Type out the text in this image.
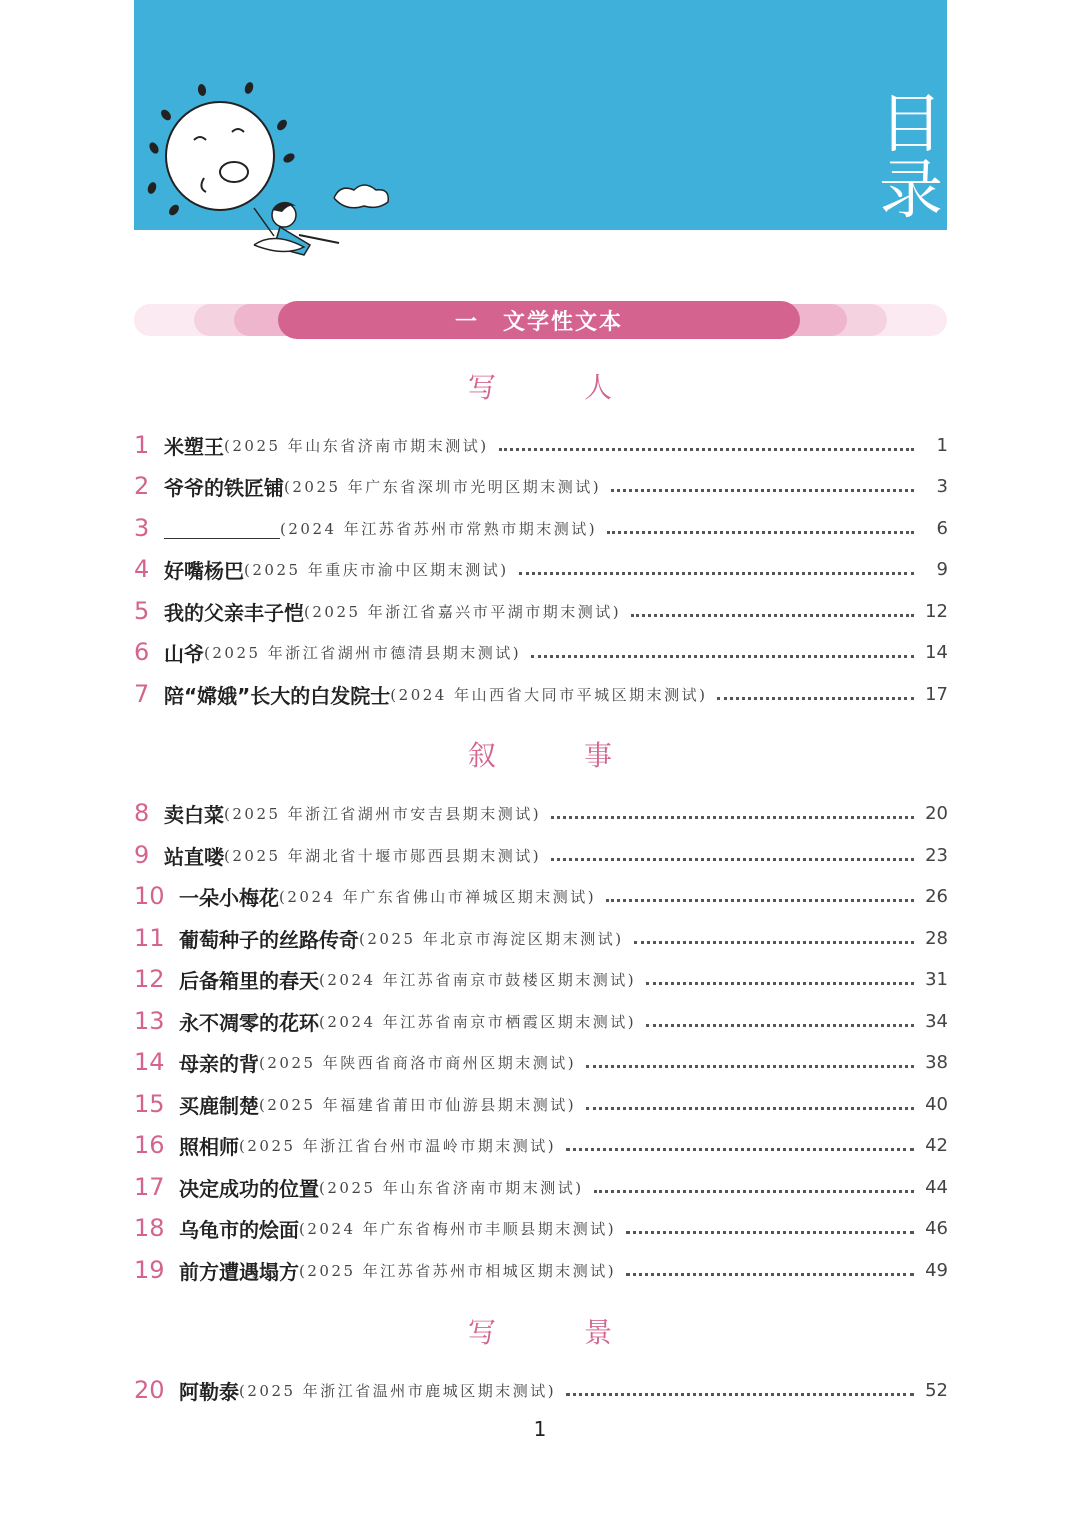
目
录
一　文学性文本
写　人
叙　事
写　景
1 米塑王 (2025 年山东省济南市期末测试)	1
2 爷爷的铁匠铺 (2025 年广东省深圳市光明区期末测试)	3
3	(2024 年江苏省苏州市常熟市期末测试)	6
4 好嘴杨巴 (2025 年重庆市渝中区期末测试)	9
5 我的父亲丰子恺 (2025 年浙江省嘉兴市平湖市期末测试)	12
6 山爷 (2025 年浙江省湖州市德清县期末测试)	14
7 陪“嫦娥”长大的白发院士 (2024 年山西省大同市平城区期末测试)	17
8 卖白菜 (2025 年浙江省湖州市安吉县期末测试)	20
9 站直喽 (2025 年湖北省十堰市郧西县期末测试)	23
10 一朵小梅花 (2024 年广东省佛山市禅城区期末测试)	26
11 葡萄种子的丝路传奇 (2025 年北京市海淀区期末测试)	28
12 后备箱里的春天 (2024 年江苏省南京市鼓楼区期末测试)	31
13 永不凋零的花环 (2024 年江苏省南京市栖霞区期末测试)	34
14 母亲的背 (2025 年陕西省商洛市商州区期末测试)	38
15 买鹿制楚 (2025 年福建省莆田市仙游县期末测试)	40
16 照相师 (2025 年浙江省台州市温岭市期末测试)	42
17 决定成功的位置 (2025 年山东省济南市期末测试)	44
18 乌龟市的烩面 (2024 年广东省梅州市丰顺县期末测试)	46
19 前方遭遇塌方 (2025 年江苏省苏州市相城区期末测试)	49
20 阿勒泰 (2025 年浙江省温州市鹿城区期末测试)	52
1
